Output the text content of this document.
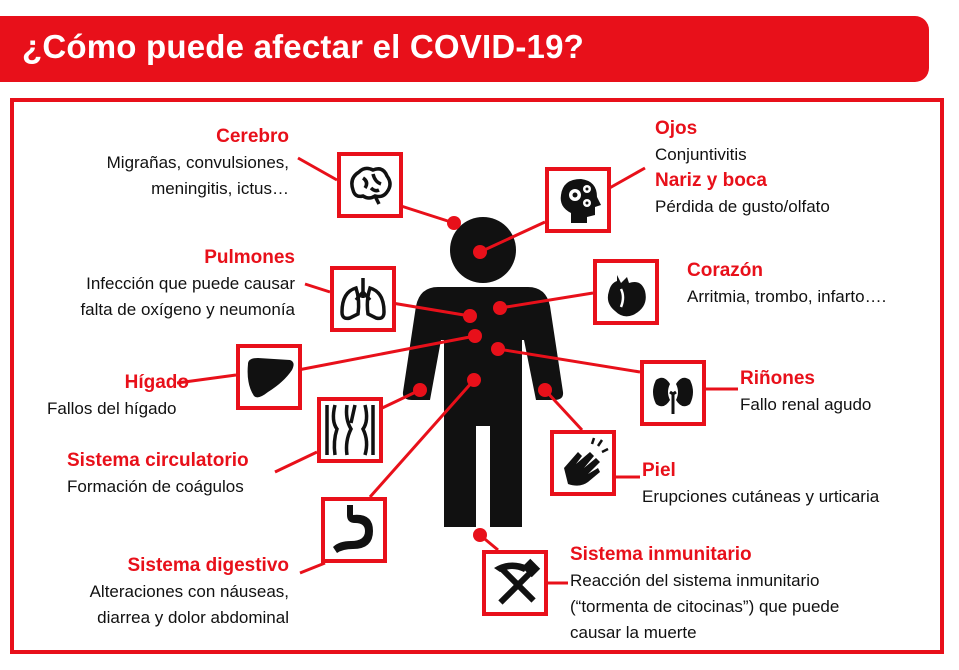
¿Cómo puede afectar el COVID-19?
Cerebro
Migrañas, convulsiones,
meningitis, ictus…
Ojos
Conjuntivitis
Nariz y boca
Pérdida de gusto/olfato
Pulmones
Infección que puede causar
falta de oxígeno y neumonía
Corazón
Arritmia, trombo, infarto….
Hígado
Fallos del hígado
Riñones
Fallo renal agudo
Sistema circulatorio
Formación de coágulos
Piel
Erupciones cutáneas y urticaria
Sistema digestivo
Alteraciones con náuseas,
diarrea y dolor abdominal
Sistema inmunitario
Reacción del sistema inmunitario
(“tormenta de citocinas”) que puede
causar la muerte
